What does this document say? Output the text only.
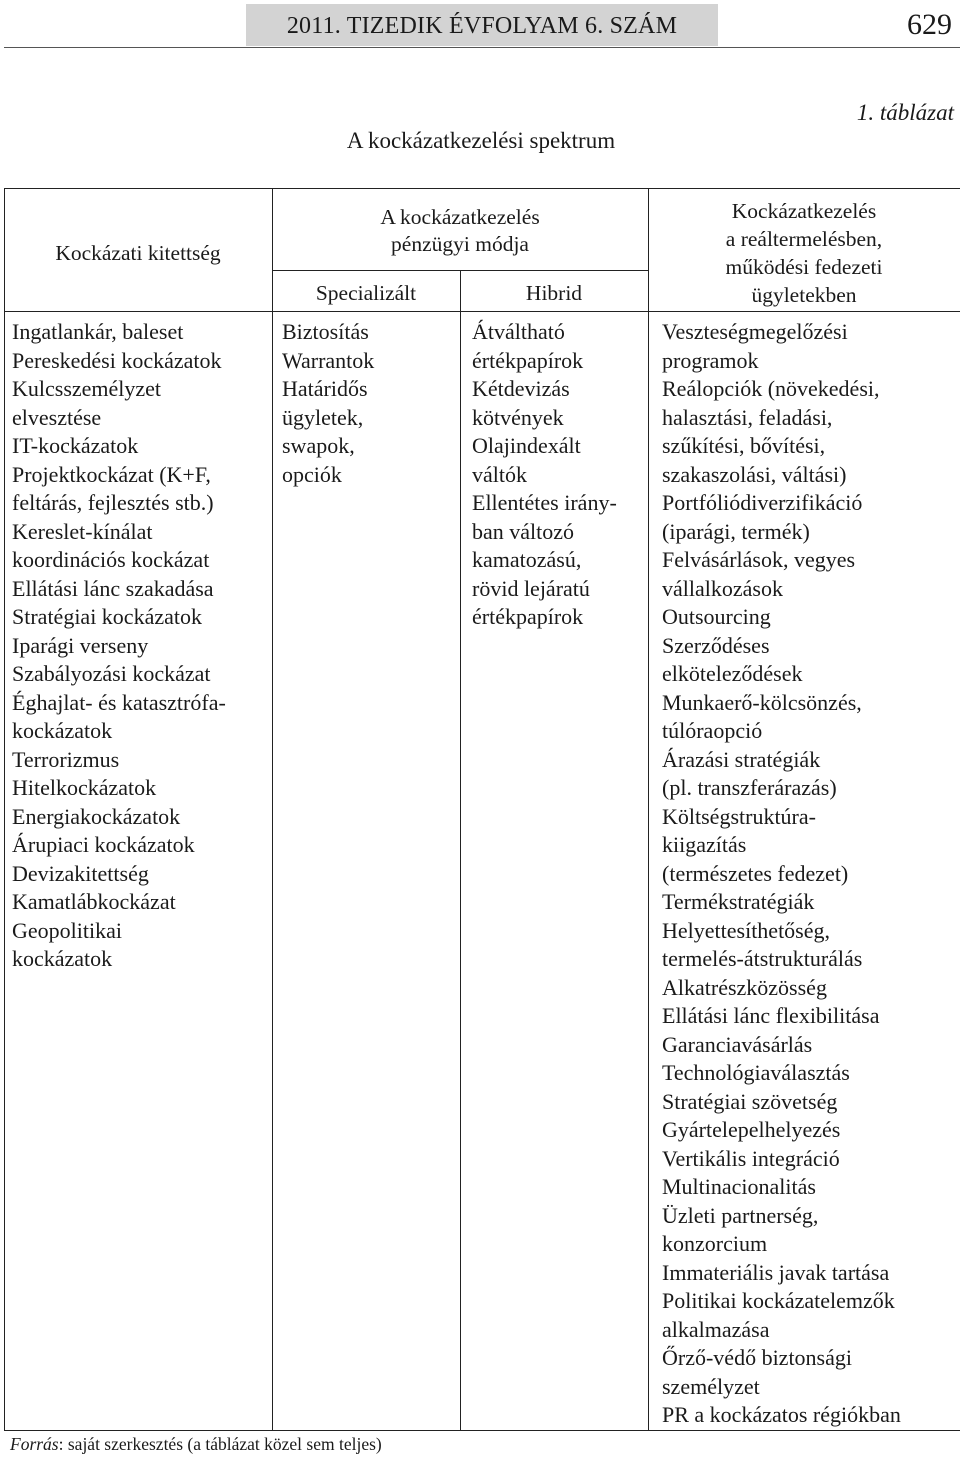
2011. TIZEDIK ÉVFOLYAM 6. SZÁM	629
1. táblázat
A kockázatkezelési spektrum
Kockázati kitettség
A kockázatkezelés
pénzügyi módja
Specializált	Hibrid
Kockázatkezelés
a reáltermelésben,
működési fedezeti
ügyletekben
Ingatlankár, baleset
Pereskedési kockázatok
Kulcsszemélyzet
elvesztése
IT-kockázatok
Projektkockázat (K+F,
feltárás, fejlesztés stb.)
Kereslet-kínálat
koordinációs kockázat
Ellátási lánc szakadása
Stratégiai kockázatok
Iparági verseny
Szabályozási kockázat
Éghajlat- és katasztrófa-
kockázatok
Terrorizmus
Hitelkockázatok
Energiakockázatok
Árupiaci kockázatok
Devizakitettség
Kamatlábkockázat
Geopolitikai
kockázatok
Biztosítás
Warrantok
Határidős
ügyletek,
swapok,
opciók
Átváltható
értékpapírok
Kétdevizás
kötvények
Olajindexált
váltók
Ellentétes irány-
ban változó
kamatozású,
rövid lejáratú
értékpapírok
Veszteségmegelőzési
programok
Reálopciók (növekedési,
halasztási, feladási,
szűkítési, bővítési,
szakaszolási, váltási)
Portfóliódiverzifikáció
(iparági, termék)
Felvásárlások, vegyes
vállalkozások
Outsourcing
Szerződéses
elköteleződések
Munkaerő-kölcsönzés,
túlóraopció
Árazási stratégiák
(pl. transzferárazás)
Költségstruktúra-
kiigazítás
(természetes fedezet)
Termékstratégiák
Helyettesíthetőség,
termelés-átstrukturálás
Alkatrészközösség
Ellátási lánc flexibilitása
Garanciavásárlás
Technológiaválasztás
Stratégiai szövetség
Gyártelepelhelyezés
Vertikális integráció
Multinacionalitás
Üzleti partnerség,
konzorcium
Immateriális javak tartása
Politikai kockázatelemzők
alkalmazása
Őrző-védő biztonsági
személyzet
PR a kockázatos régiókban
Forrás: saját szerkesztés (a táblázat közel sem teljes)
